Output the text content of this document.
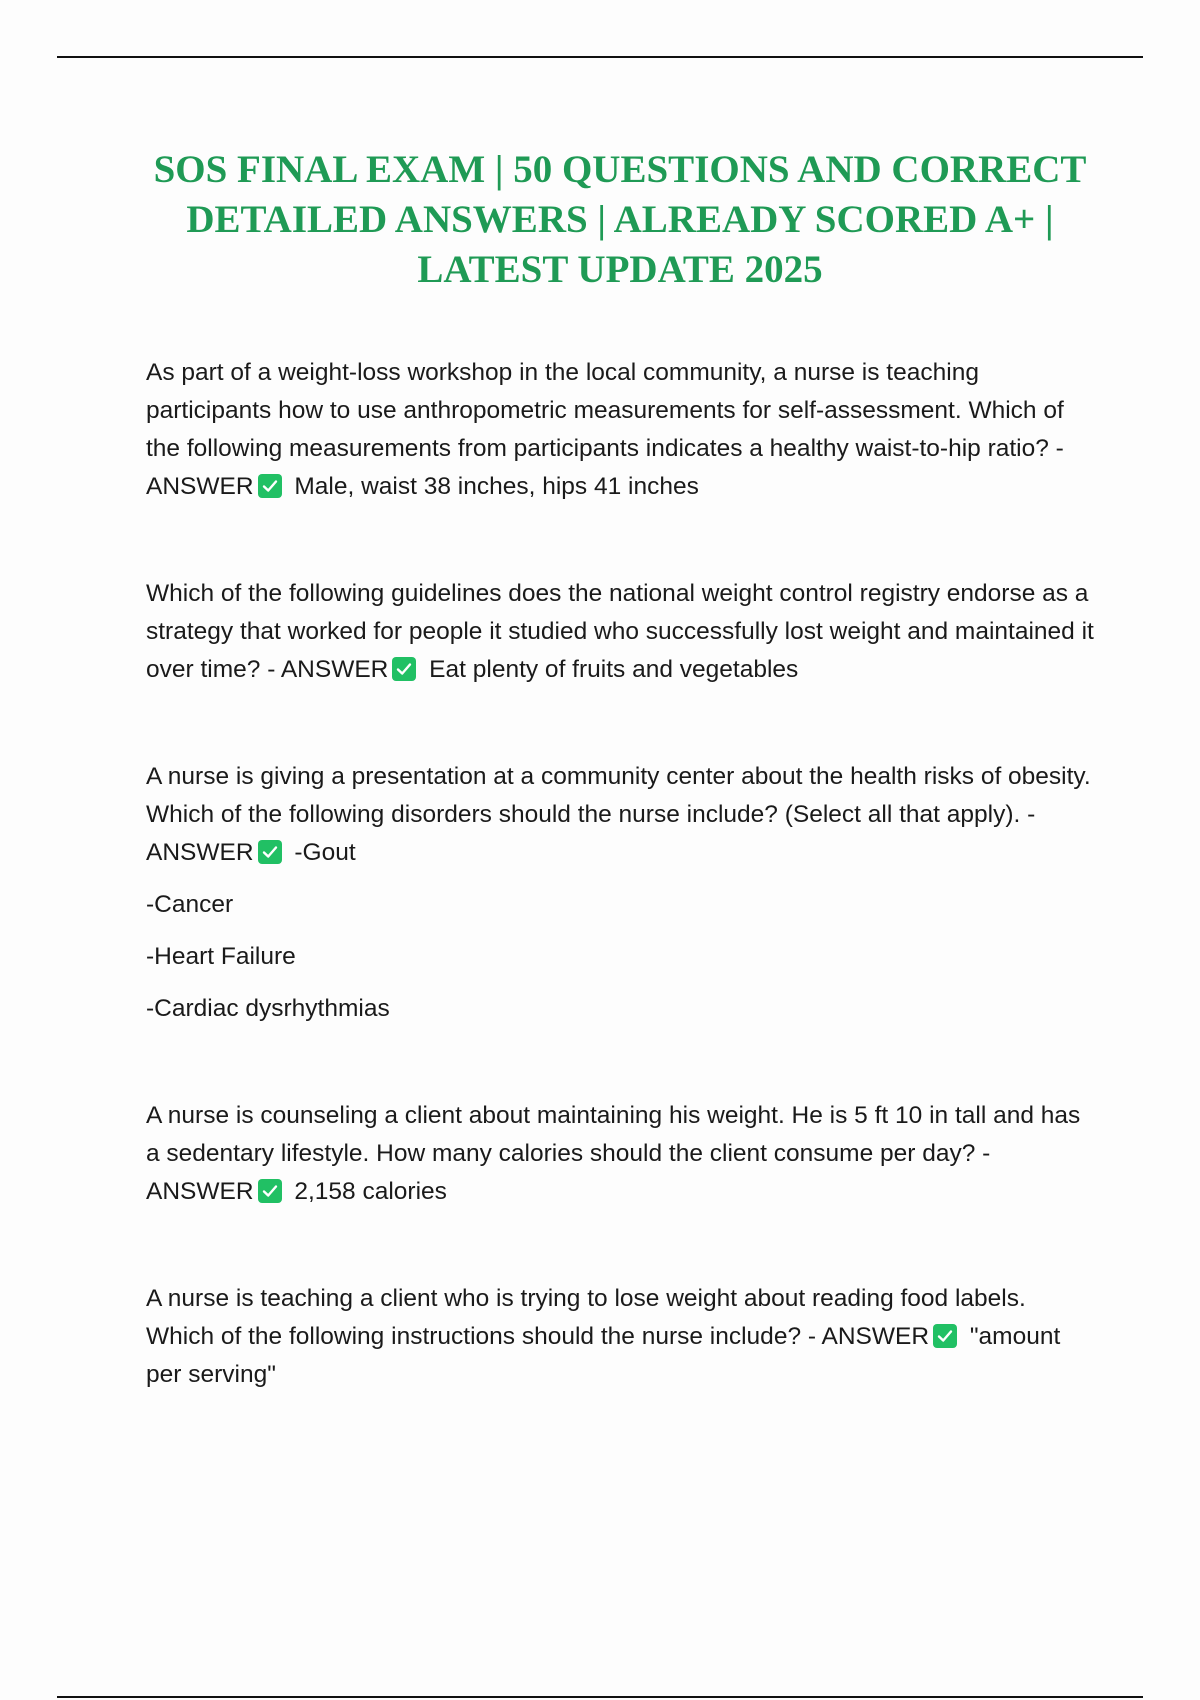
SOS FINAL EXAM | 50 QUESTIONS AND CORRECT DETAILED ANSWERS | ALREADY SCORED A+ | LATEST UPDATE 2025

As part of a weight-loss workshop in the local community, a nurse is teaching participants how to use anthropometric measurements for self-assessment. Which of the following measurements from participants indicates a healthy waist-to-hip ratio? - ANSWER Male, waist 38 inches, hips 41 inches

Which of the following guidelines does the national weight control registry endorse as a strategy that worked for people it studied who successfully lost weight and maintained it over time? - ANSWER Eat plenty of fruits and vegetables

A nurse is giving a presentation at a community center about the health risks of obesity. Which of the following disorders should the nurse include? (Select all that apply). - ANSWER -Gout

-Cancer

-Heart Failure

-Cardiac dysrhythmias

A nurse is counseling a client about maintaining his weight. He is 5 ft 10 in tall and has a sedentary lifestyle. How many calories should the client consume per day? - ANSWER 2,158 calories

A nurse is teaching a client who is trying to lose weight about reading food labels. Which of the following instructions should the nurse include? - ANSWER "amount per serving"
